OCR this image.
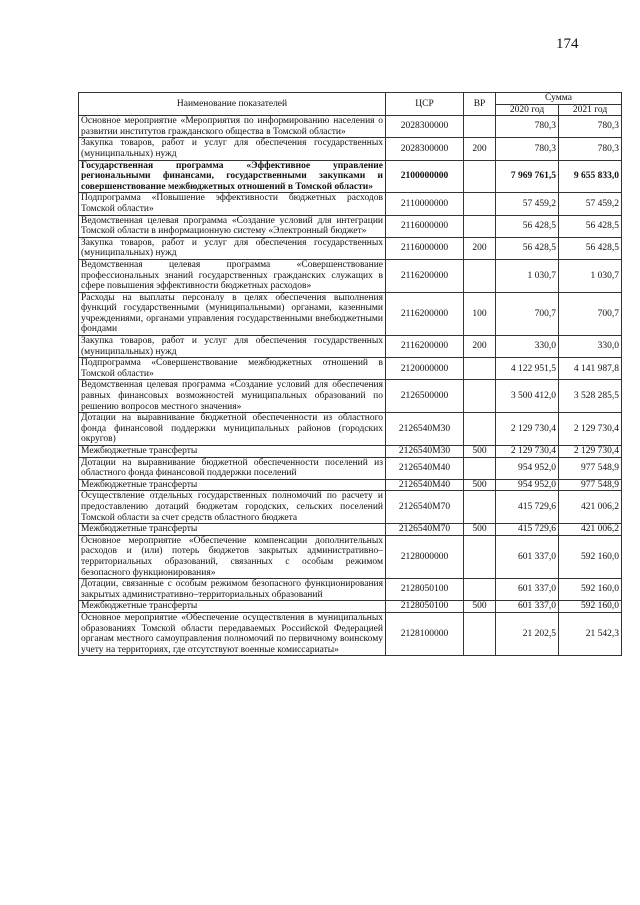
174
Наименование показателей	ЦСР	ВР	Сумма	
			2020 год	2021 год
Основное мероприятие «Мероприятия по информированию населения о развитии институтов гражданского общества в Томской области»	2028300000		780,3	780,3
Закупка товаров, работ и услуг для обеспечения государственных (муниципальных) нужд	2028300000	200	780,3	780,3
Государственная программа «Эффективное управление региональными финансами, государственными закупками и совершенствование межбюджетных отношений в Томской области»	2100000000		7 969 761,5	9 655 833,0
Подпрограмма «Повышение эффективности бюджетных расходов Томской области»	2110000000		57 459,2	57 459,2
Ведомственная целевая программа «Создание условий для интеграции Томской области в информационную систему «Электронный бюджет»	2116000000		56 428,5	56 428,5
Закупка товаров, работ и услуг для обеспечения государственных (муниципальных) нужд	2116000000	200	56 428,5	56 428,5
Ведомственная целевая программа «Совершенствование профессиональных знаний государственных гражданских служащих в сфере повышения эффективности бюджетных расходов»	2116200000		1 030,7	1 030,7
Расходы на выплаты персоналу в целях обеспечения выполнения функций государственными (муниципальными) органами, казенными учреждениями, органами управления государственными внебюджетными фондами	2116200000	100	700,7	700,7
Закупка товаров, работ и услуг для обеспечения государственных (муниципальных) нужд	2116200000	200	330,0	330,0
Подпрограмма «Совершенствование межбюджетных отношений в Томской области»	2120000000		4 122 951,5	4 141 987,8
Ведомственная целевая программа «Создание условий для обеспечения равных финансовых возможностей муниципальных образований по решению вопросов местного значения»	2126500000		3 500 412,0	3 528 285,5
Дотации на выравнивание бюджетной обеспеченности из областного фонда финансовой поддержки муниципальных районов (городских округов)	2126540М30		2 129 730,4	2 129 730,4
Межбюджетные трансферты	2126540М30	500	2 129 730,4	2 129 730,4
Дотации на выравнивание бюджетной обеспеченности поселений из областного фонда финансовой поддержки поселений	2126540М40		954 952,0	977 548,9
Межбюджетные трансферты	2126540М40	500	954 952,0	977 548,9
Осуществление отдельных государственных полномочий по расчету и предоставлению дотаций бюджетам городских, сельских поселений Томской области за счет средств областного бюджета	2126540М70		415 729,6	421 006,2
Межбюджетные трансферты	2126540М70	500	415 729,6	421 006,2
Основное мероприятие «Обеспечение компенсации дополнительных расходов и (или) потерь бюджетов закрытых административно–территориальных образований, связанных с особым режимом безопасного функционирования»	2128000000		601 337,0	592 160,0
Дотации, связанные с особым режимом безопасного функционирования закрытых административно–территориальных образований	2128050100		601 337,0	592 160,0
Межбюджетные трансферты	2128050100	500	601 337,0	592 160,0
Основное мероприятие «Обеспечение осуществления в муниципальных образованиях Томской области передаваемых Российской Федерацией органам местного самоуправления полномочий по первичному воинскому учету на территориях, где отсутствуют военные комиссариаты»	2128100000		21 202,5	21 542,3
